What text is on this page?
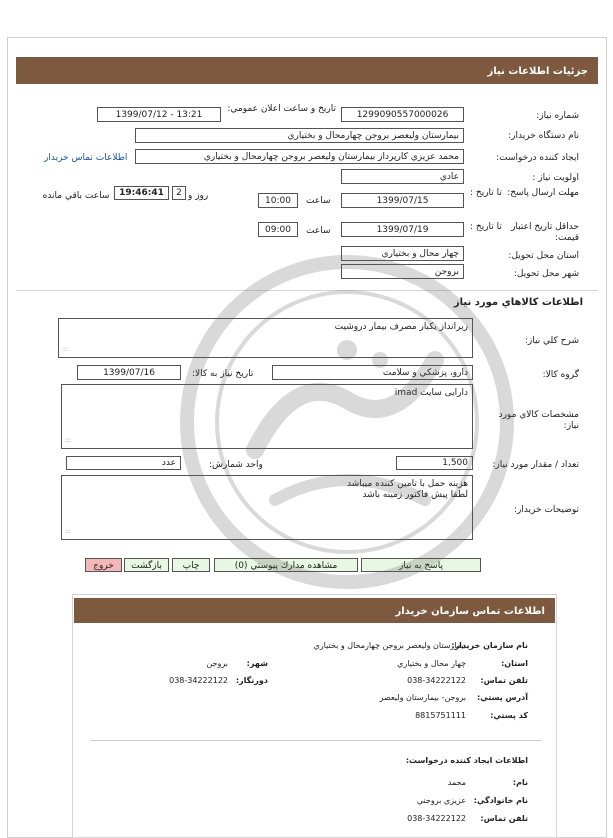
جزئيات اطلاعات نياز
شماره نياز:
1299090557000026
تاريخ و ساعت اعلان عمومي:
1399/07/12 - 13:21
نام دستگاه خريدار:
بيمارستان وليعصر بروجن چهارمحال و بختياري
ايجاد كننده درخواست:
محمد عزيزي كارپرداز بيمارستان وليعصر بروجن چهارمحال و بختياري
اطلاعات تماس خريدار
اولويت نياز :
عادي
مهلت ارسال پاسخ:
تا تاريخ :
1399/07/15
ساعت
10:00
2 روز و
19:46:41
ساعت باقي مانده
حداقل تاريخ اعتبار قيمت:
تا تاريخ :
1399/07/19
ساعت
09:00
استان محل تحويل:
چهار محال و بختياري
شهر محل تحويل:
بروجن
اطلاعات كالاهاي مورد نياز
شرح كلي نياز:
زيرانداز يكبار مصرف بيمار دروشيت
:::
گروه كالا:
دارو، پزشكي و سلامت
تاريخ نياز به كالا:
1399/07/16
مشخصات كالاي مورد نياز:
دارایی سایت imad
:::
تعداد / مقدار مورد نياز:
1,500
واحد شمارش:
عدد
توضيحات خريدار:
هزينه حمل با تامين كننده ميباشد
لطفا پيش فاكتور زمينه باشد
:::
پاسخ به نياز
مشاهده مدارك پيوستي (0)
چاپ
بازگشت
خروج
اطلاعات تماس سازمان خريدار
نام سازمان خريدار:
بيمارستان وليعصر بروجن چهارمحال و بختياري
استان:
چهار محال و بختياري
شهر:
بروجن
تلفن تماس:
038-34222122
دورنگار:
038-34222122
آدرس پستي:
بروجن- بيمارستان وليعصر
كد پستي:
8815751111
اطلاعات ايجاد كننده درخواست:
نام:
محمد
نام خانوادگي:
عزيزي بروجني
تلفن تماس:
038-34222122
